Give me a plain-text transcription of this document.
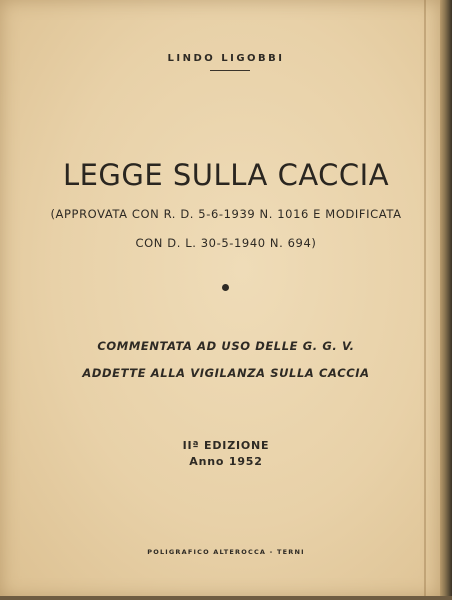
LINDO LIGOBBI
LEGGE SULLA CACCIA
(APPROVATA CON R. D. 5-6-1939 N. 1016 E MODIFICATA
CON D. L. 30-5-1940 N. 694)
COMMENTATA AD USO DELLE G. G. V.
ADDETTE ALLA VIGILANZA SULLA CACCIA
IIª EDIZIONE
Anno 1952
POLIGRAFICO ALTEROCCA - TERNI
